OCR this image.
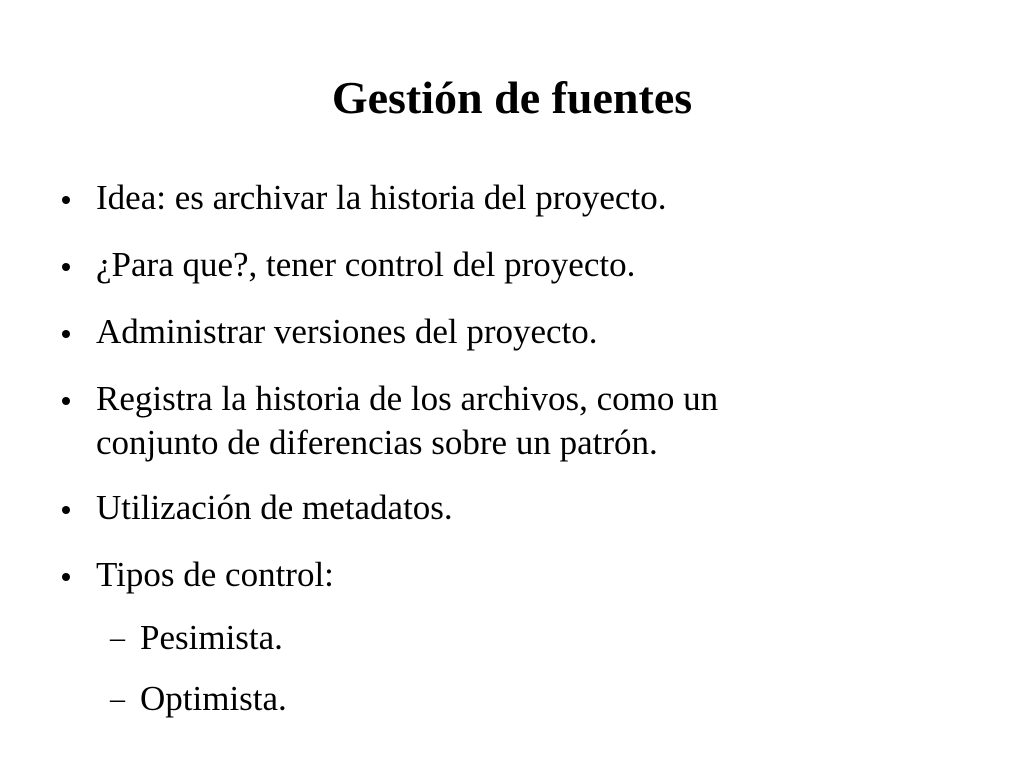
Gestión de fuentes
Idea: es archivar la historia del proyecto.
¿Para que?, tener control del proyecto.
Administrar versiones del proyecto.
Registra la historia de los archivos, como un
conjunto de diferencias sobre un patrón.
Utilización de metadatos.
Tipos de control:
– Pesimista.
– Optimista.
